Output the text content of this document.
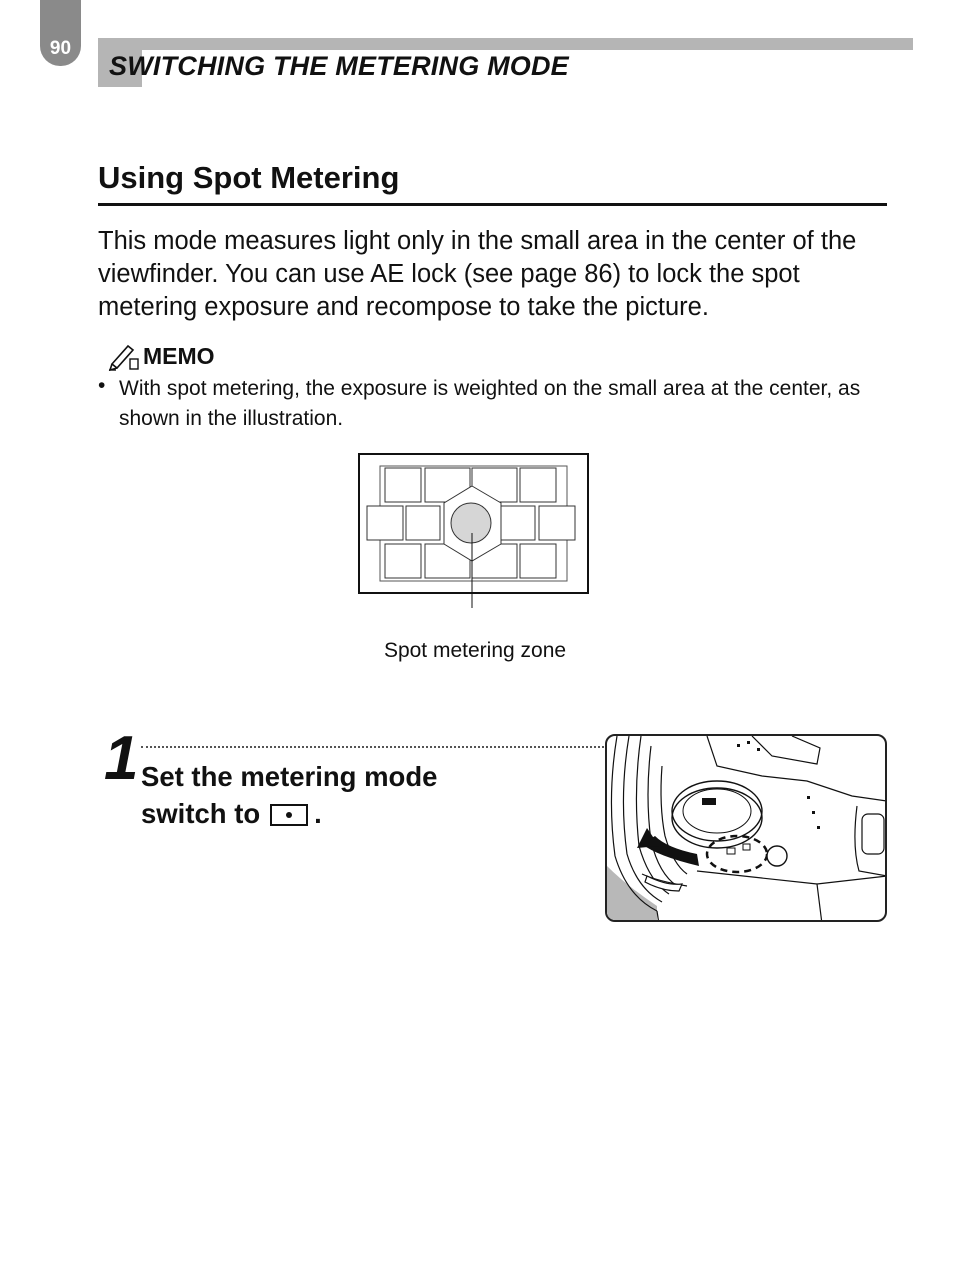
90
SWITCHING THE METERING MODE
Using Spot Metering
This mode measures light only in the small area in the center of the viewfinder. You can use AE lock (see page 86) to lock the spot metering exposure and recompose to take the picture.
MEMO
• With spot metering, the exposure is weighted on the small area at the center, as shown in the illustration.
Spot metering zone
1 Set the metering mode
switch to .
